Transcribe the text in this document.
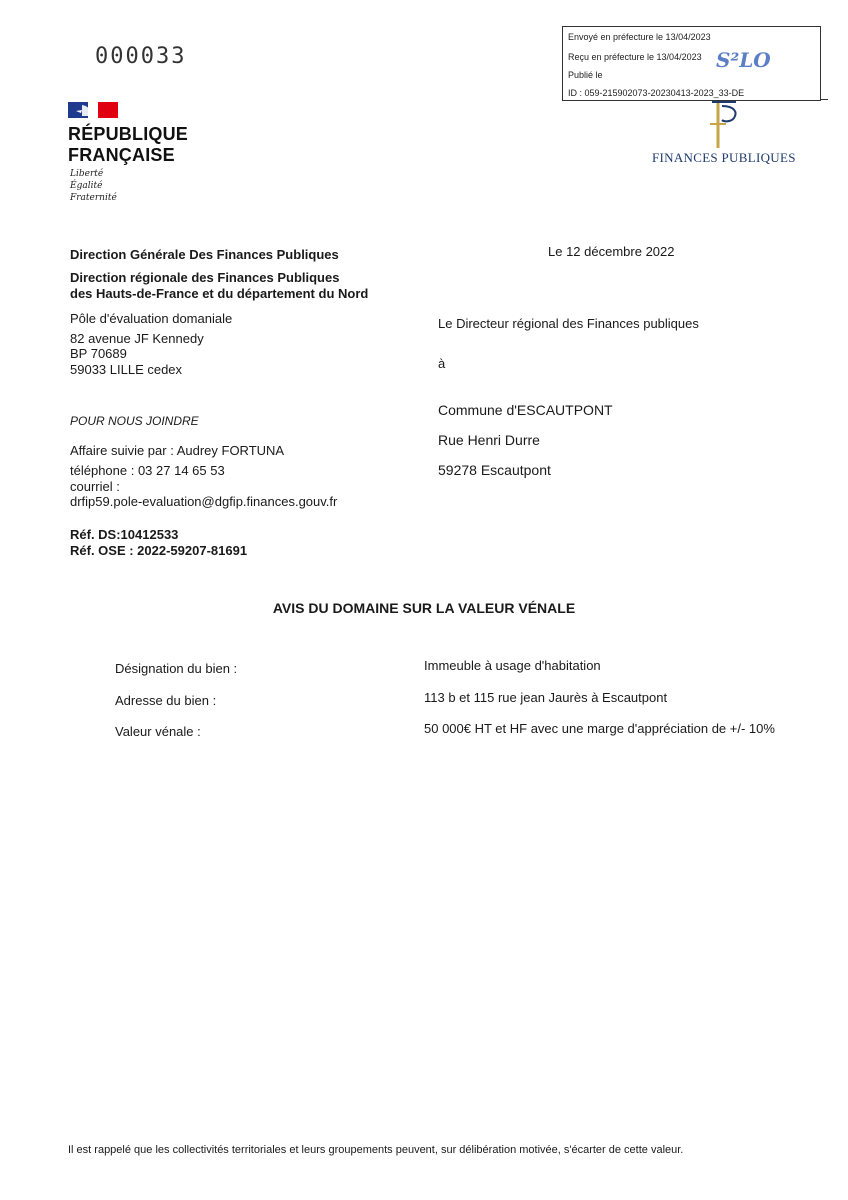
000033
Envoyé en préfecture le 13/04/2023
Reçu en préfecture le 13/04/2023
Publié le
ID : 059-215902073-20230413-2023_33-DE
S²LO
RÉPUBLIQUE
FRANÇAISE
Liberté
Égalité
Fraternité
FINANCES PUBLIQUES
Direction Générale Des Finances Publiques
Direction régionale des Finances Publiques
des Hauts-de-France et du département du Nord
Pôle d'évaluation domaniale
82 avenue JF Kennedy
BP 70689
59033 LILLE cedex
POUR NOUS JOINDRE
Affaire suivie par : Audrey FORTUNA
téléphone : 03 27 14 65 53
courriel :
drfip59.pole-evaluation@dgfip.finances.gouv.fr
Réf. DS:10412533
Réf. OSE : 2022-59207-81691
Le 12 décembre 2022
Le Directeur régional des Finances publiques
à
Commune d'ESCAUTPONT
Rue Henri Durre
59278 Escautpont
AVIS DU DOMAINE SUR LA VALEUR VÉNALE
Désignation du bien :	Immeuble à usage d'habitation
Adresse du bien :	113 b et 115 rue jean Jaurès à Escautpont
Valeur vénale :	50 000€ HT et HF avec une marge d'appréciation de +/- 10%
Il est rappelé que les collectivités territoriales et leurs groupements peuvent, sur délibération motivée, s'écarter de cette valeur.
